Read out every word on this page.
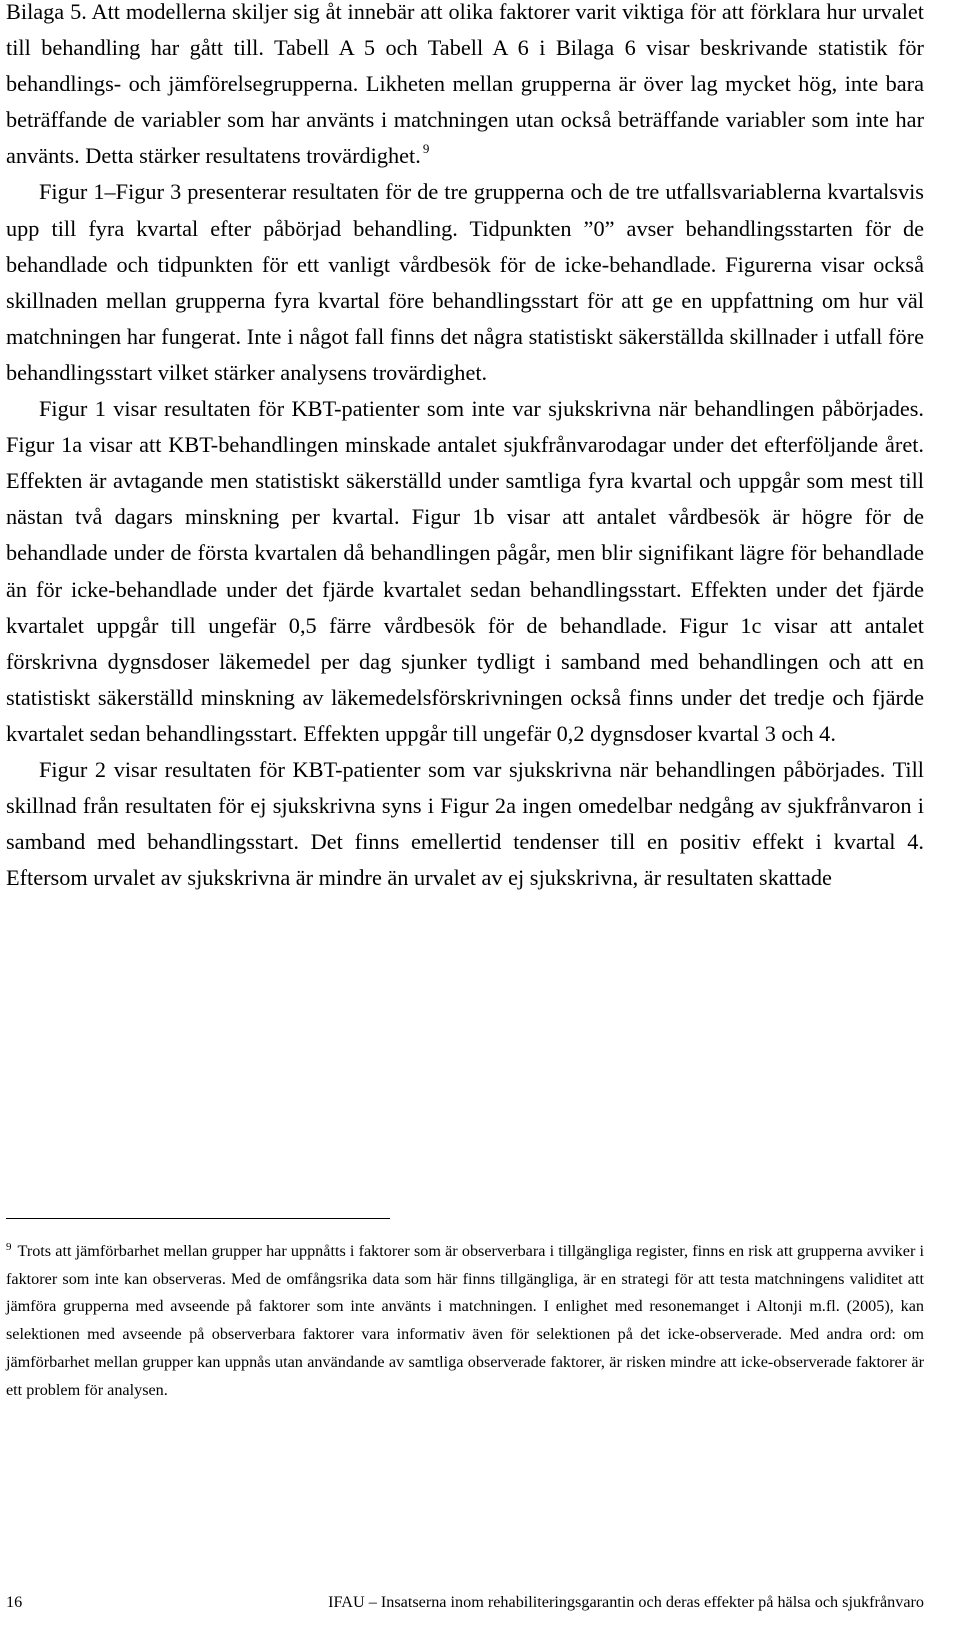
Bilaga 5. Att modellerna skiljer sig åt innebär att olika faktorer varit viktiga för att förklara hur urvalet till behandling har gått till. Tabell A 5 och Tabell A 6 i Bilaga 6 visar beskrivande statistik för behandlings- och jämförelsegrupperna. Likheten mellan grupperna är över lag mycket hög, inte bara beträffande de variabler som har använts i matchningen utan också beträffande variabler som inte har använts. Detta stärker resultatens trovärdighet. $^9$

Figur 1–Figur 3 presenterar resultaten för de tre grupperna och de tre utfallsvariablerna kvartalsvis upp till fyra kvartal efter påbörjad behandling. Tidpunkten ”0” avser behandlingsstarten för de behandlade och tidpunkten för ett vanligt vårdbesök för de icke-behandlade. Figurerna visar också skillnaden mellan grupperna fyra kvartal före behandlingsstart för att ge en uppfattning om hur väl matchningen har fungerat. Inte i något fall finns det några statistiskt säkerställda skillnader i utfall före behandlingsstart vilket stärker analysens trovärdighet.

Figur 1 visar resultaten för KBT-patienter som inte var sjukskrivna när behandlingen påbörjades. Figur 1a visar att KBT-behandlingen minskade antalet sjukfrånvarodagar under det efterföljande året. Effekten är avtagande men statistiskt säkerställd under samtliga fyra kvartal och uppgår som mest till nästan två dagars minskning per kvartal. Figur 1b visar att antalet vårdbesök är högre för de behandlade under de första kvartalen då behandlingen pågår, men blir signifikant lägre för behandlade än för icke-behandlade under det fjärde kvartalet sedan behandlingsstart. Effekten under det fjärde kvartalet uppgår till ungefär 0,5 färre vårdbesök för de behandlade. Figur 1c visar att antalet förskrivna dygnsdoser läkemedel per dag sjunker tydligt i samband med behandlingen och att en statistiskt säkerställd minskning av läkemedelsförskrivningen också finns under det tredje och fjärde kvartalet sedan behandlingsstart. Effekten uppgår till ungefär 0,2 dygnsdoser kvartal 3 och 4.

Figur 2 visar resultaten för KBT-patienter som var sjukskrivna när behandlingen påbörjades. Till skillnad från resultaten för ej sjukskrivna syns i Figur 2a ingen omedelbar nedgång av sjukfrånvaron i samband med behandlingsstart. Det finns emellertid tendenser till en positiv effekt i kvartal 4. Eftersom urvalet av sjukskrivna är mindre än urvalet av ej sjukskrivna, är resultaten skattade

$^9$ Trots att jämförbarhet mellan grupper har uppnåtts i faktorer som är observerbara i tillgängliga register, finns en risk att grupperna avviker i faktorer som inte kan observeras. Med de omfångsrika data som här finns tillgängliga, är en strategi för att testa matchningens validitet att jämföra grupperna med avseende på faktorer som inte använts i matchningen. I enlighet med resonemanget i Altonji m.fl. (2005), kan selektionen med avseende på observerbara faktorer vara informativ även för selektionen på det icke-observerade. Med andra ord: om jämförbarhet mellan grupper kan uppnås utan användande av samtliga observerade faktorer, är risken mindre att icke-observerade faktorer är ett problem för analysen.

16	IFAU – Insatserna inom rehabiliteringsgarantin och deras effekter på hälsa och sjukfrånvaro
